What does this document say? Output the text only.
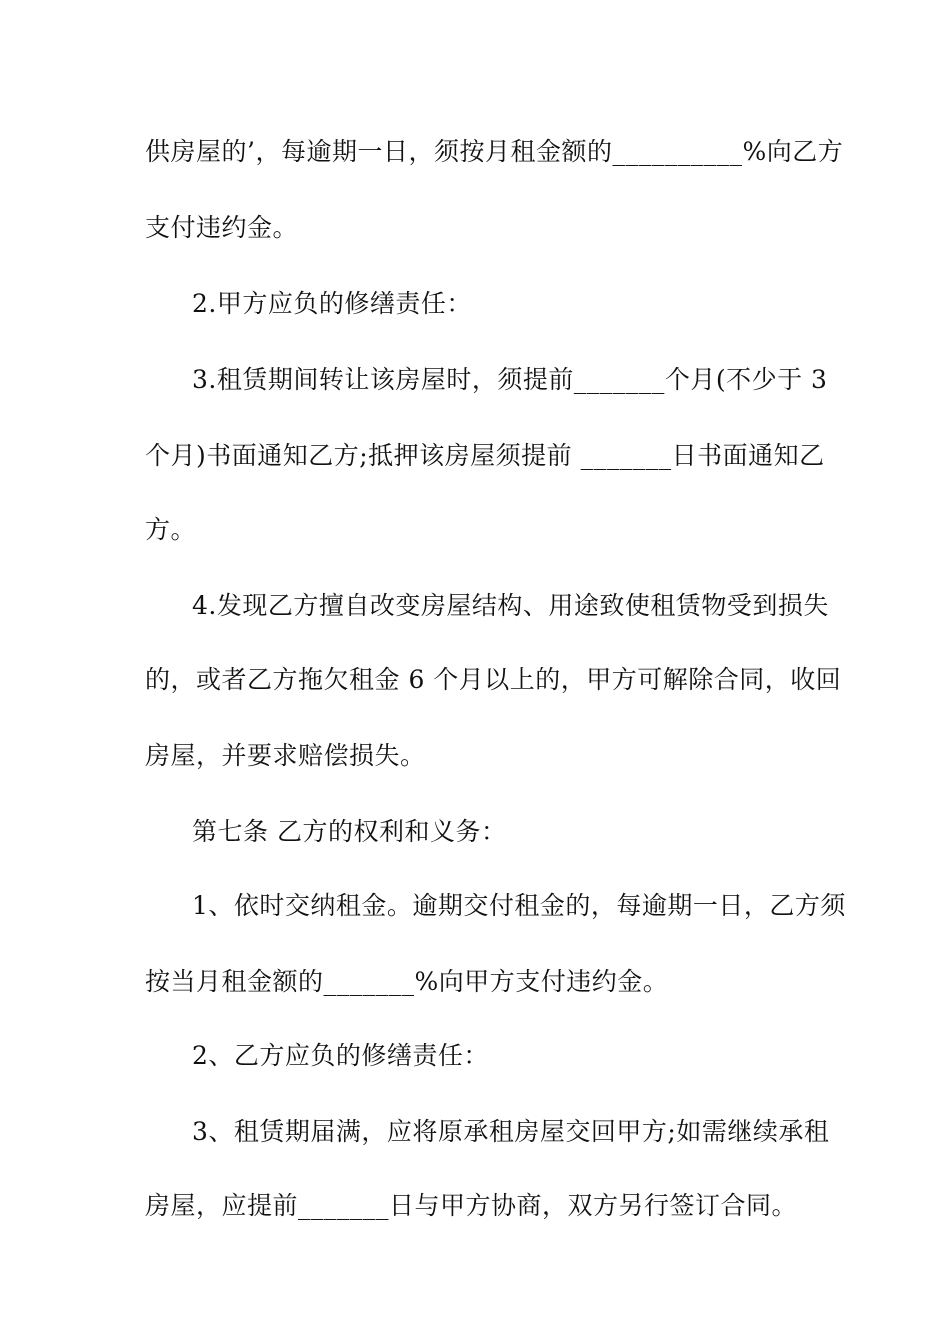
供房屋的’，每逾期一日，须按月租金额的__________%向乙方
支付违约金。
2.甲方应负的修缮责任：
3.租赁期间转让该房屋时，须提前_______个月(不少于 3
个月)书面通知乙方;抵押该房屋须提前 _______日书面通知乙
方。
4.发现乙方擅自改变房屋结构、用途致使租赁物受到损失
的，或者乙方拖欠租金 6 个月以上的，甲方可解除合同，收回
房屋，并要求赔偿损失。
第七条 乙方的权利和义务：
1、依时交纳租金。逾期交付租金的，每逾期一日，乙方须
按当月租金额的_______%向甲方支付违约金。
2、乙方应负的修缮责任：
3、租赁期届满，应将原承租房屋交回甲方;如需继续承租
房屋，应提前_______日与甲方协商，双方另行签订合同。
